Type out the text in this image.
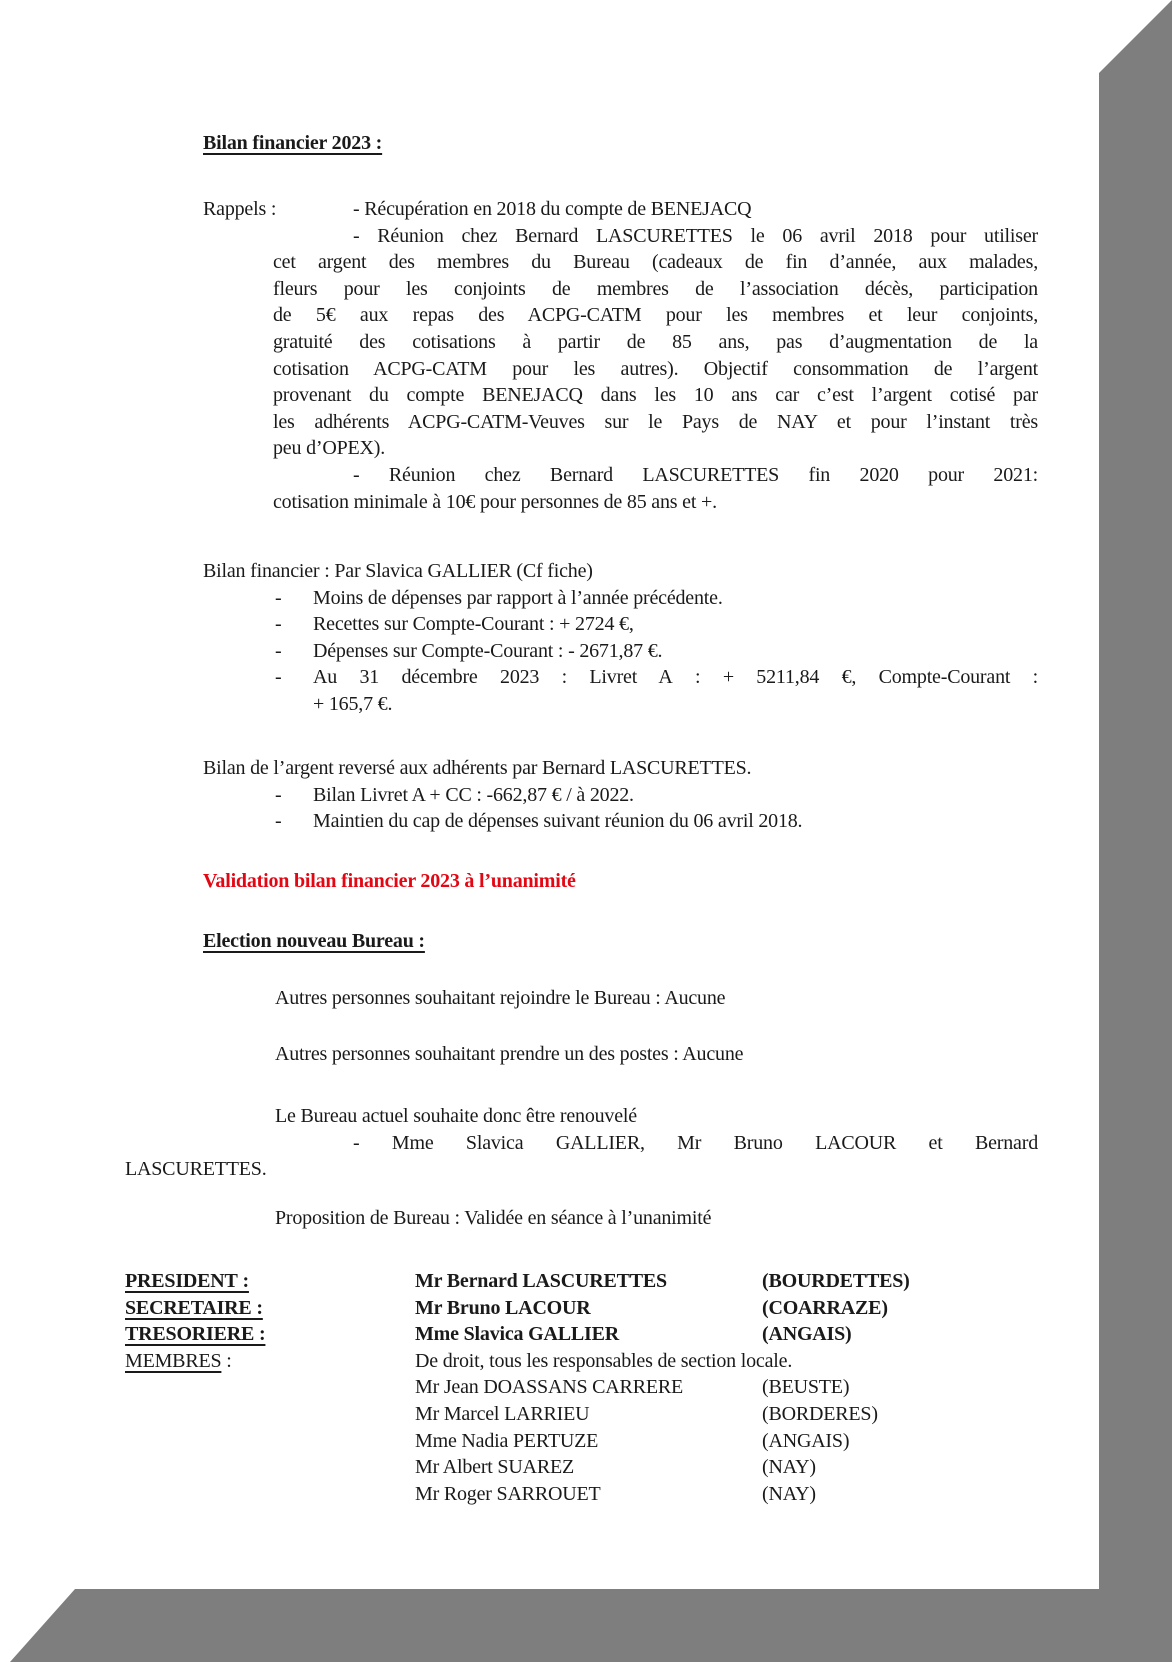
Bilan financier 2023 :
Rappels :	- Récupération en 2018 du compte de BENEJACQ
- Réunion chez Bernard LASCURETTES le 06 avril 2018 pour utiliser
cet argent des membres du Bureau (cadeaux de fin d’année, aux malades,
fleurs pour les conjoints de membres de l’association décès, participation
de 5€ aux repas des ACPG-CATM pour les membres et leur conjoints,
gratuité des cotisations à partir de 85 ans, pas d’augmentation de la
cotisation ACPG-CATM pour les autres). Objectif consommation de l’argent
provenant du compte BENEJACQ dans les 10 ans car c’est l’argent cotisé par
les adhérents ACPG-CATM-Veuves sur le Pays de NAY et pour l’instant très
peu d’OPEX).
- Réunion chez Bernard LASCURETTES fin 2020 pour 2021:
cotisation minimale à 10€ pour personnes de 85 ans et +.
Bilan financier : Par Slavica GALLIER (Cf fiche)
- Moins de dépenses par rapport à l’année précédente.
- Recettes sur Compte-Courant : + 2724 €,
- Dépenses sur Compte-Courant : - 2671,87 €.
- Au 31 décembre 2023 : Livret A : + 5211,84 €, Compte-Courant :
+ 165,7 €.
Bilan de l’argent reversé aux adhérents par Bernard LASCURETTES.
- Bilan Livret A + CC : -662,87 € / à 2022.
- Maintien du cap de dépenses suivant réunion du 06 avril 2018.
Validation bilan financier 2023 à l’unanimité
Election nouveau Bureau :
Autres personnes souhaitant rejoindre le Bureau : Aucune
Autres personnes souhaitant prendre un des postes : Aucune
Le Bureau actuel souhaite donc être renouvelé
- Mme Slavica GALLIER, Mr Bruno LACOUR et Bernard
LASCURETTES.
Proposition de Bureau : Validée en séance à l’unanimité
PRESIDENT :	Mr Bernard LASCURETTES	(BOURDETTES)
SECRETAIRE :	Mr Bruno LACOUR	(COARRAZE)
TRESORIERE :	Mme Slavica GALLIER	(ANGAIS)
MEMBRES :	De droit, tous les responsables de section locale.
Mr Jean DOASSANS CARRERE	(BEUSTE)
Mr Marcel LARRIEU	(BORDERES)
Mme Nadia PERTUZE	(ANGAIS)
Mr Albert SUAREZ	(NAY)
Mr Roger SARROUET	(NAY)
